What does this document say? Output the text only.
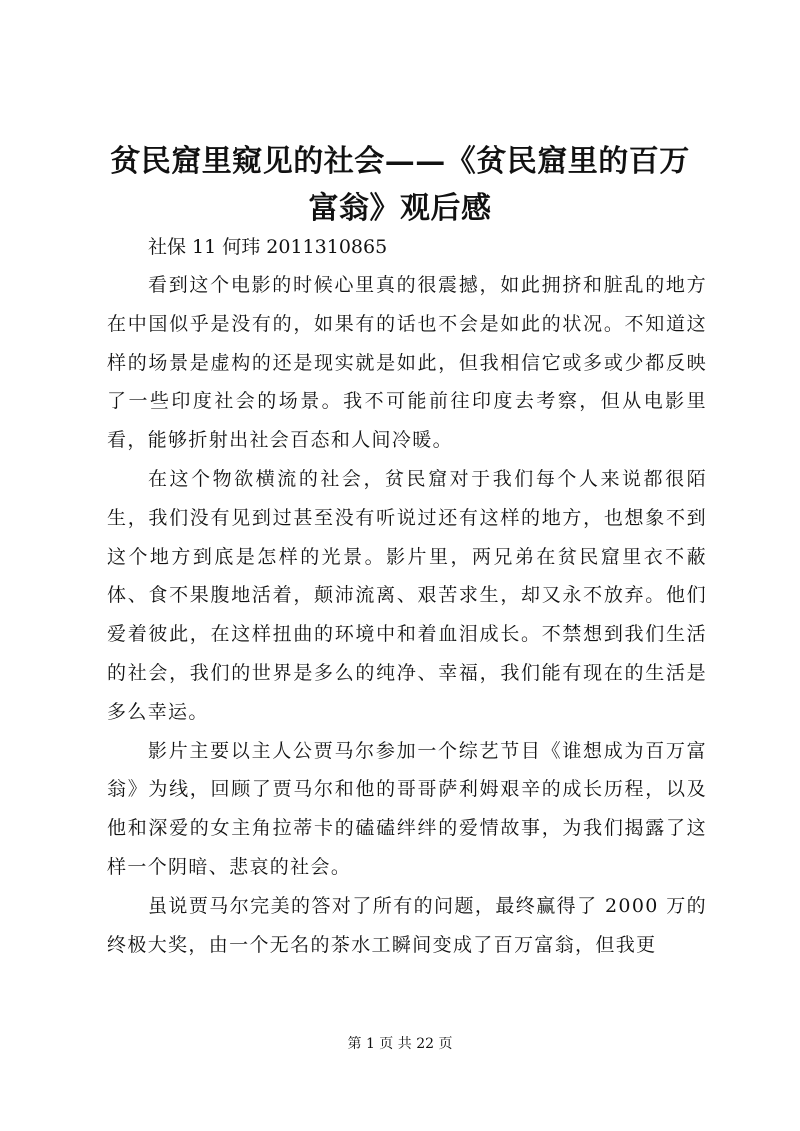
贫民窟里窥见的社会——《贫民窟里的百万富翁》观后感

社保 11 何玮 2011310865

看到这个电影的时候心里真的很震撼，如此拥挤和脏乱的地方在中国似乎是没有的，如果有的话也不会是如此的状况。不知道这样的场景是虚构的还是现实就是如此，但我相信它或多或少都反映了一些印度社会的场景。我不可能前往印度去考察，但从电影里看，能够折射出社会百态和人间冷暖。

在这个物欲横流的社会，贫民窟对于我们每个人来说都很陌生，我们没有见到过甚至没有听说过还有这样的地方，也想象不到这个地方到底是怎样的光景。影片里，两兄弟在贫民窟里衣不蔽体、食不果腹地活着，颠沛流离、艰苦求生，却又永不放弃。他们爱着彼此，在这样扭曲的环境中和着血泪成长。不禁想到我们生活的社会，我们的世界是多么的纯净、幸福，我们能有现在的生活是多么幸运。

影片主要以主人公贾马尔参加一个综艺节目《谁想成为百万富翁》为线，回顾了贾马尔和他的哥哥萨利姆艰辛的成长历程，以及他和深爱的女主角拉蒂卡的磕磕绊绊的爱情故事，为我们揭露了这样一个阴暗、悲哀的社会。

虽说贾马尔完美的答对了所有的问题，最终赢得了 2000 万的终极大奖，由一个无名的茶水工瞬间变成了百万富翁，但我更

第 1 页 共 22 页
